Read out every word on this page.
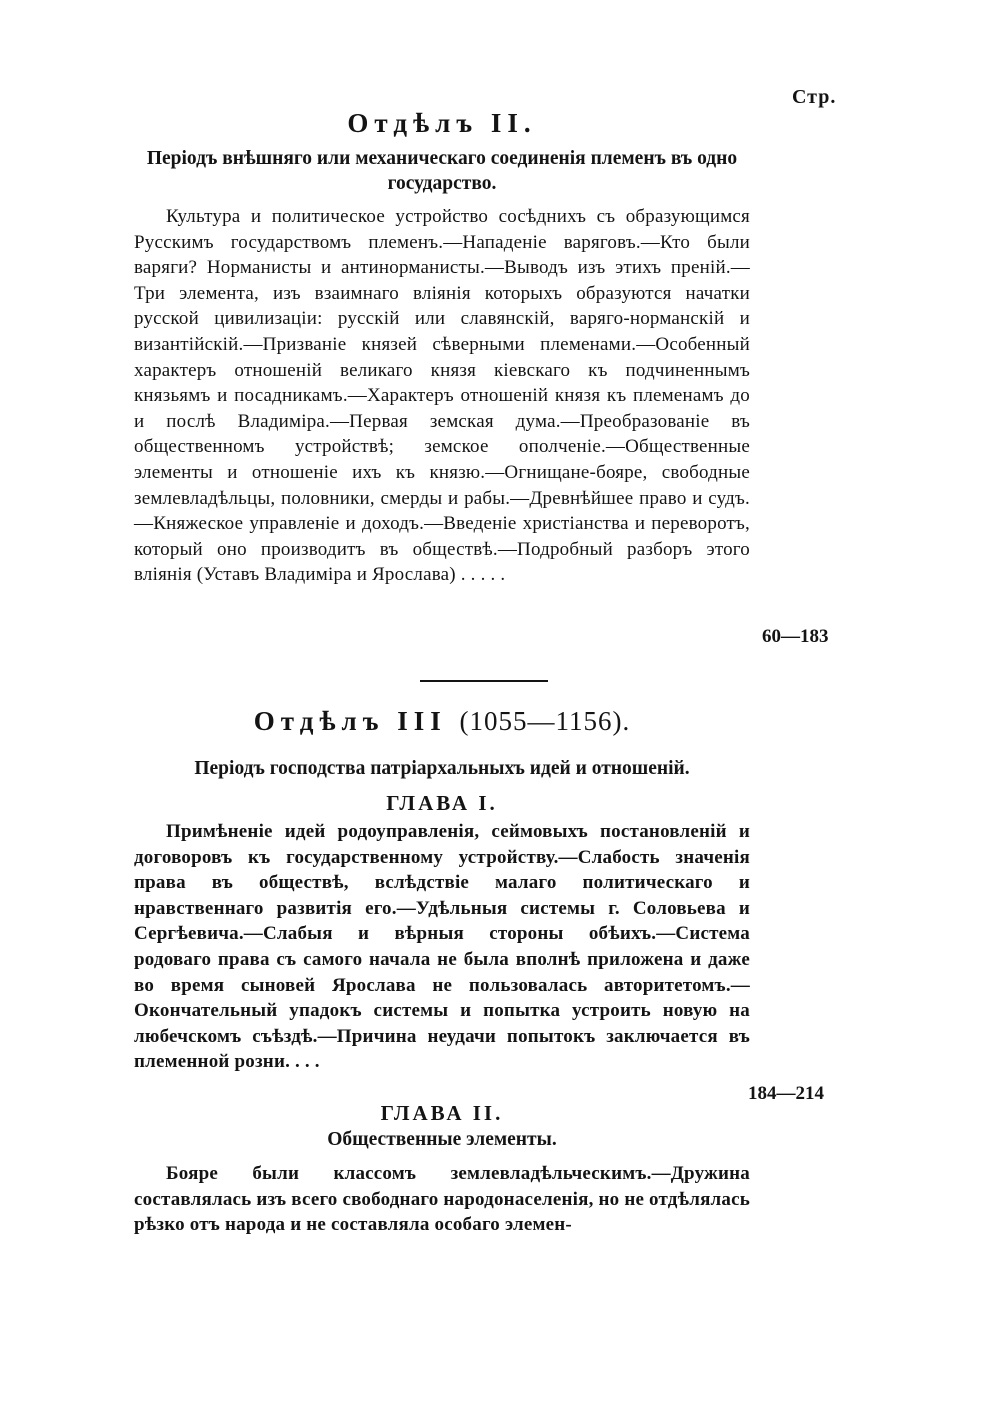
Стр.
Отдѣлъ II.

Періодъ внѣшняго или механическаго соединенія племенъ въ одно государство.

Культура и политическое устройство сосѣднихъ съ образующимся Русскимъ государствомъ племенъ.—Нападеніе варяговъ.—Кто были варяги? Норманисты и антинорманисты.—Выводъ изъ этихъ преній.—Три элемента, изъ взаимнаго вліянія которыхъ образуются начатки русской цивилизаціи: русскій или славянскій, варяго-норманскій и византійскій.—Призваніе князей сѣверными племенами.—Особенный характеръ отношеній великаго князя кіевскаго къ подчиненнымъ князьямъ и посадникамъ.—Характеръ отношеній князя къ племенамъ до и послѣ Владиміра.—Первая земская дума.—Преобразованіе въ общественномъ устройствѣ; земское ополченіе.—Общественные элементы и отношеніе ихъ къ князю.—Огнищане-бояре, свободные землевладѣльцы, половники, смерды и рабы.—Древнѣйшее право и судъ.—Княжеское управленіе и доходъ.—Введеніе христіанства и переворотъ, который оно производитъ въ обществѣ.—Подробный разборъ этого вліянія (Уставъ Владиміра и Ярослава) . . . . .

60—183
Отдѣлъ III (1055—1156).

Періодъ господства патріархальныхъ идей и отношеній.

ГЛАВА I.

Примѣненіе идей родоуправленія, сеймовыхъ постановленій и договоровъ къ государственному устройству.—Слабость значенія права въ обществѣ, вслѣдствіе малаго политическаго и нравственнаго развитія его.—Удѣльныя системы г. Соловьева и Сергѣевича.—Слабыя и вѣрныя стороны обѣихъ.—Система родоваго права съ самого начала не была вполнѣ приложена и даже во время сыновей Ярослава не пользовалась авторитетомъ.—Окончательный упадокъ системы и попытка устроить новую на любечскомъ съѣздѣ.—Причина неудачи попытокъ заключается въ племенной розни. . . .

ГЛАВА II.

Общественные элементы.

Бояре были классомъ землевладѣльческимъ.—Дружина составлялась изъ всего свободнаго народонаселенія, но не отдѣлялась рѣзко отъ народа и не составляла особаго элемен-

184—214
